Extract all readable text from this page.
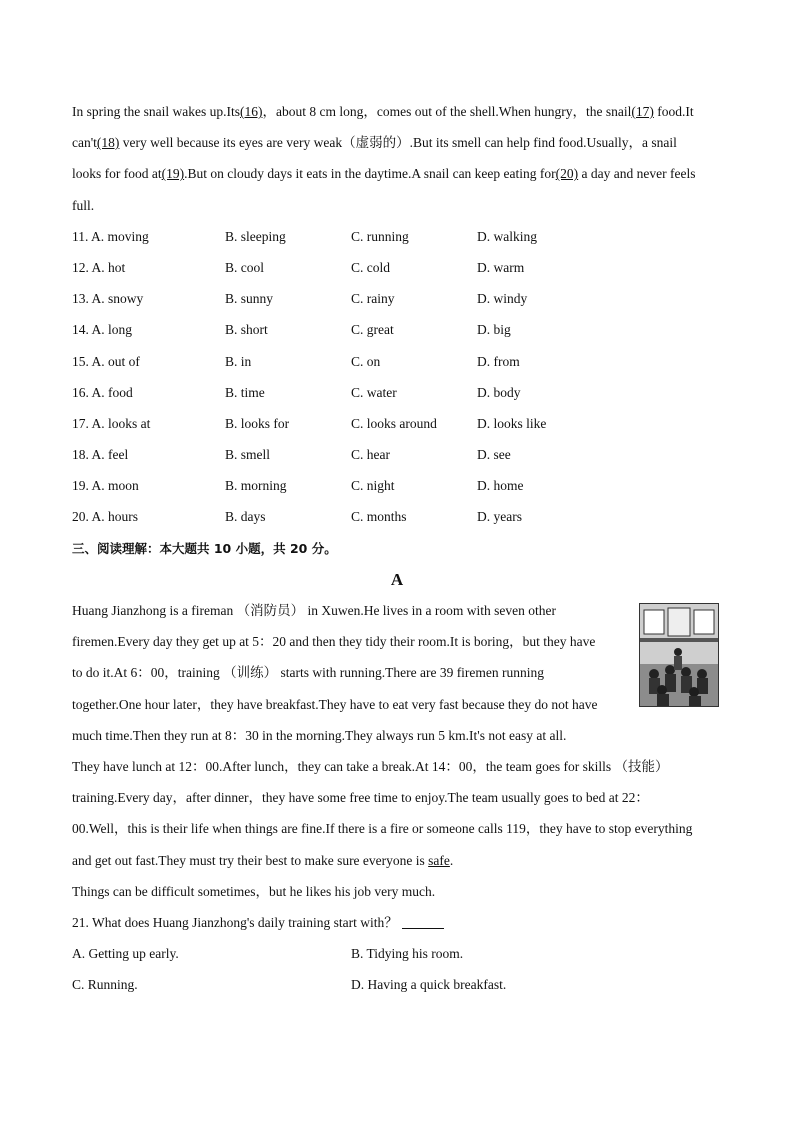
In spring the snail wakes up.Its(16)，about 8 cm long，comes out of the shell.When hungry，the snail(17) food.It
can't(18) very well because its eyes are very weak（虚弱的）.But its smell can help find food.Usually，a snail
looks for food at(19).But on cloudy days it eats in the daytime.A snail can keep eating for(20) a day and never feels
full.
11. A. moving	B. sleeping	C. running	D. walking
12. A. hot	B. cool	C. cold	D. warm
13. A. snowy	B. sunny	C. rainy	D. windy
14. A. long	B. short	C. great	D. big
15. A. out of	B. in	C. on	D. from
16. A. food	B. time	C. water	D. body
17. A. looks at	B. looks for	C. looks around	D. looks like
18. A. feel	B. smell	C. hear	D. see
19. A. moon	B. morning	C. night	D. home
20. A. hours	B. days	C. months	D. years
三、阅读理解：本大题共 10 小题，共 20 分。
A
Huang Jianzhong is a fireman （消防员） in Xuwen.He lives in a room with seven other
firemen.Every day they get up at 5：20 and then they tidy their room.It is boring，but they have
to do it.At 6：00，training （训练） starts with running.There are 39 firemen running
together.One hour later，they have breakfast.They have to eat very fast because they do not have
much time.Then they run at 8：30 in the morning.They always run 5 km.It's not easy at all.
They have lunch at 12：00.After lunch，they can take a break.At 14：00，the team goes for skills （技能）
training.Every day，after dinner，they have some free time to enjoy.The team usually goes to bed at 22：
00.Well，this is their life when things are fine.If there is a fire or someone calls 119，they have to stop everything
and get out fast.They must try their best to make sure everyone is safe.
Things can be difficult sometimes，but he likes his job very much.
21. What does Huang Jianzhong's daily training start with？
A. Getting up early.	B. Tidying his room.
C. Running.	D. Having a quick breakfast.
